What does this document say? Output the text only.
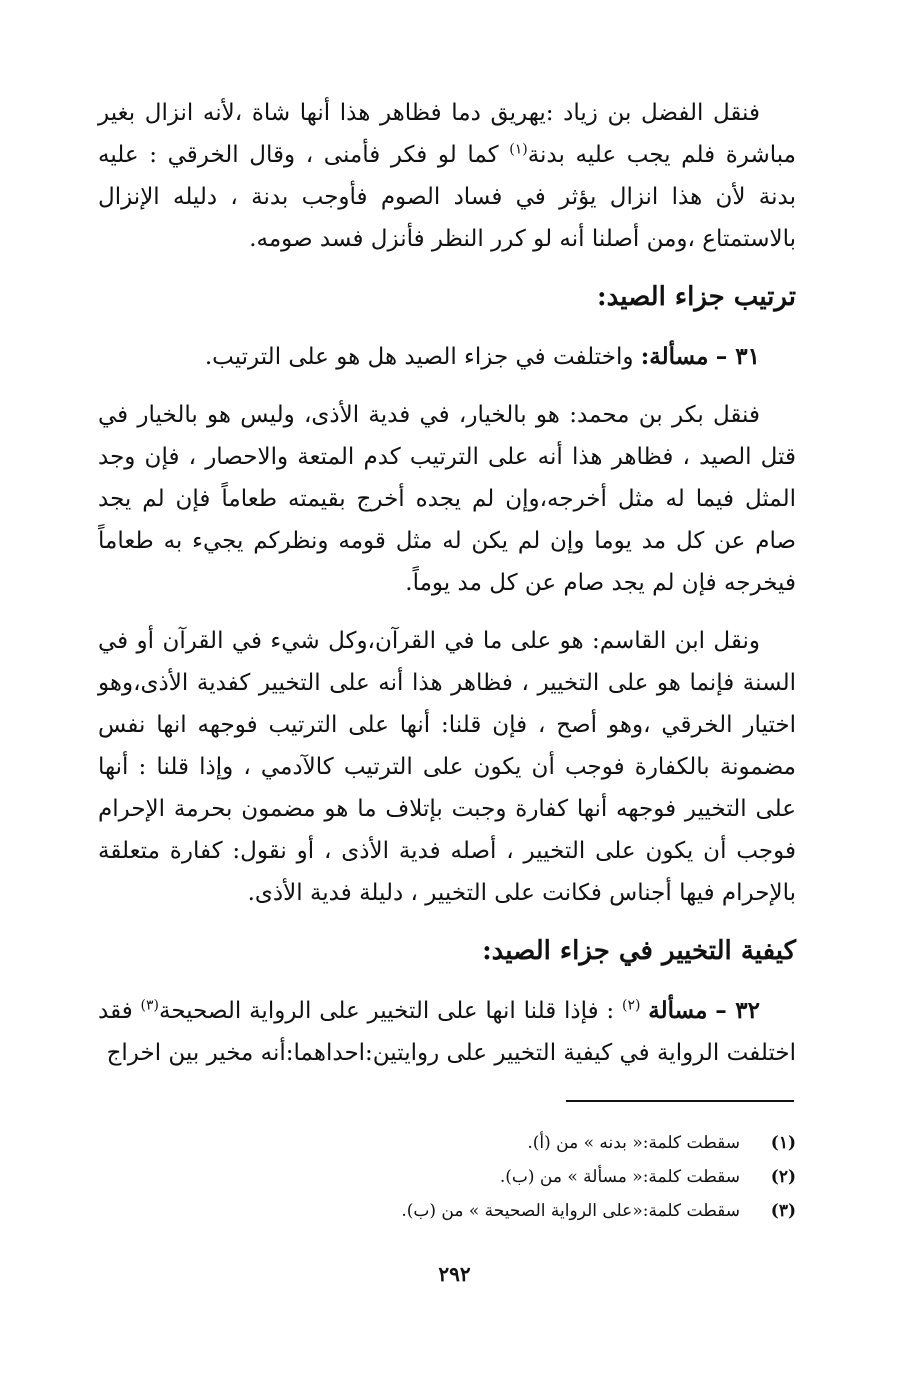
فنقل الفضل بن زياد :يهريق دما فظاهر هذا أنها شاة ،لأنه انزال بغير مباشرة فلم يجب عليه بدنة$^{(١)}$ كما لو فكر فأمنى ، وقال الخرقي : عليه بدنة لأن هذا انزال يؤثر في فساد الصوم فأوجب بدنة ، دليله الإنزال بالاستمتاع ،ومن أصلنا أنه لو كرر النظر فأنزل فسد صومه.

ترتيب جزاء الصيد:

٣١ – مسألة: واختلفت في جزاء الصيد هل هو على الترتيب.

فنقل بكر بن محمد: هو بالخيار، في فدية الأذى، وليس هو بالخيار في قتل الصيد ، فظاهر هذا أنه على الترتيب كدم المتعة والاحصار ، فإن وجد المثل فيما له مثل أخرجه،وإن لم يجده أخرج بقيمته طعاماً فإن لم يجد صام عن كل مد يوما وإن لم يكن له مثل قومه ونظركم يجيء به طعاماً فيخرجه فإن لم يجد صام عن كل مد يوماً.

ونقل ابن القاسم: هو على ما في القرآن،وكل شيء في القرآن أو في السنة فإنما هو على التخيير ، فظاهر هذا أنه على التخيير كفدية الأذى،وهو اختيار الخرقي ،وهو أصح ، فإن قلنا: أنها على الترتيب فوجهه انها نفس مضمونة بالكفارة فوجب أن يكون على الترتيب كالآدمي ، وإذا قلنا : أنها على التخيير فوجهه أنها كفارة وجبت بإتلاف ما هو مضمون بحرمة الإحرام فوجب أن يكون على التخيير ، أصله فدية الأذى ، أو نقول: كفارة متعلقة بالإحرام فيها أجناس فكانت على التخيير ، دليلة فدية الأذى.

كيفية التخيير في جزاء الصيد:

٣٢ – مسألة $^{(٢)}$ : فإذا قلنا انها على التخيير على الرواية الصحيحة$^{(٣)}$ فقد اختلفت الرواية في كيفية التخيير على روايتين:احداهما:أنه مخير بين اخراج

(١)
سقطت كلمة:« بدنه » من (أ).
(٢)
سقطت كلمة:« مسألة » من (ب).
(٣)
سقطت كلمة:«على الرواية الصحيحة » من (ب).
٢٩٢
